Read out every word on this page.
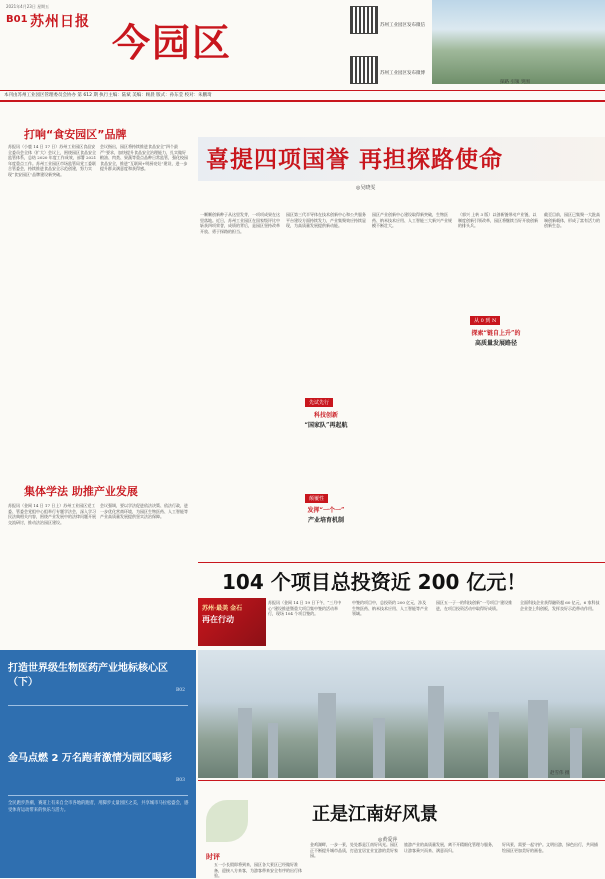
2021年4月23日 星期五
B01 苏州日报 今园区	苏州工业园区发布微信
苏州工业园区发布微博
探路 引领 突围
本刊由苏州工业园区管理委员会协办 第 612 期 执行主编：陆斌 美编：顾晨 版式：孙东莹 校对：朱鹏琦
打响“食安园区”品牌
苏报讯（小鹿 14 日 17 日）苏州工业园区食品安全委员会全体（扩大）会议上，围绕园区食品安全监管体系，总结 2020 年度工作成效，部署 2021 年度重点工作。苏州工业园区市场监管局党工委联合管委会，持续推进食品安全示范创建，努力实现“食安园区”品牌建设新突破。
会议指出，园区将持续推进食品安全“四个最严”要求，加快提升食品安全治理能力，扎实做好粮油、肉类、果蔬等重点品种日常监管，强化校园食品安全，推进“互联网+明厨亮灶”建设，进一步提升群众满意度和获得感。
集体学法 助推产业发展
苏报讯（金网 14 日 17 日上）苏州工业园区党工委、管委会党组中心组举行专题学法会，深入学习民法典相关内容，围绕产业发展中的法律问题开展交流研讨，推动法治园区建设。
会议强调，要以学法促进依法决策、依法行政，进一步优化营商环境，为园区生物医药、人工智能等产业高质量发展提供坚实法治保障。
打造世界级生物医药产业地标核心区（下）
B02
金马点燃 2 万名跑者激情为园区喝彩
B03
全民跑步热潮，赛道上有来自全市各地的跑者，用脚步丈量园区之美，共享城市马拉松盛会，感受体育运动带来的快乐与活力。
喜提四项国誉 再担探路使命
◎吴晓雯
一颗颗创新种子从这里发芽，一项项成果在这里落地。近日，苏州工业园区在国家级评比中斩获四项荣誉，成绩的背后，是园区坚持改革开放、勇于探路的担当。
园区第三代半导体在技术创新中心和公共服务平台建设方面持续发力，产业集聚效应持续显现，为高质量发展提供新动能。
园区产业创新中心建设取得新突破，生物医药、纳米技术应用、人工智能三大新兴产业规模不断壮大。
（郭兴 上转 3 版）以创新链带动产业链，以制度创新引领改革，园区将继续当好开放创新的排头兵。
截至目前，园区已集聚一大批高端创新载体，形成了富有活力的创新生态。
先试先行
科技创新
“国家队”再起航
颠覆性
发挥“一个一”
产业培育机制
从 0 到 N
探索“链自上升”的
高质量发展路径
104 个项目总投资近 200 亿元！
苏州·最美 金石
再在行动
苏报讯（金网 14 日 19 日下午，“三月中心”建设推进暨重大项目集中签约活动举行，现场 104 个项目签约。
中签约项目中，总投资约 200 亿元，涉及生物医药、纳米技术应用、人工智能等产业领域。
园区五一子一的科技创新“一号项目”建设推进，在项目投资活动中取得好成绩。
全面科技企业获得融资超 60 亿元，6 家科技企业登上科创板，发挥良好示范带动作用。
赵雪伟 摄
正是江南好风景
◎黄爱萍
时评
五一小长假即将到来，园区各大景区已经做好准备，迎接八方来客，为游客带来安全有序的出行体验。
金鸡湖畔，一步一景，处处都是江南好风光。园区正不断提升城市品质，打造宜居宜业宜游的美好家园。
旅游产业的高质量发展，离不开精细化管理与服务，让游客乘兴而来、满意而归。
好风景，需要一起守护。文明出游，绿色出行，共同描绘园区更加美好的画卷。
